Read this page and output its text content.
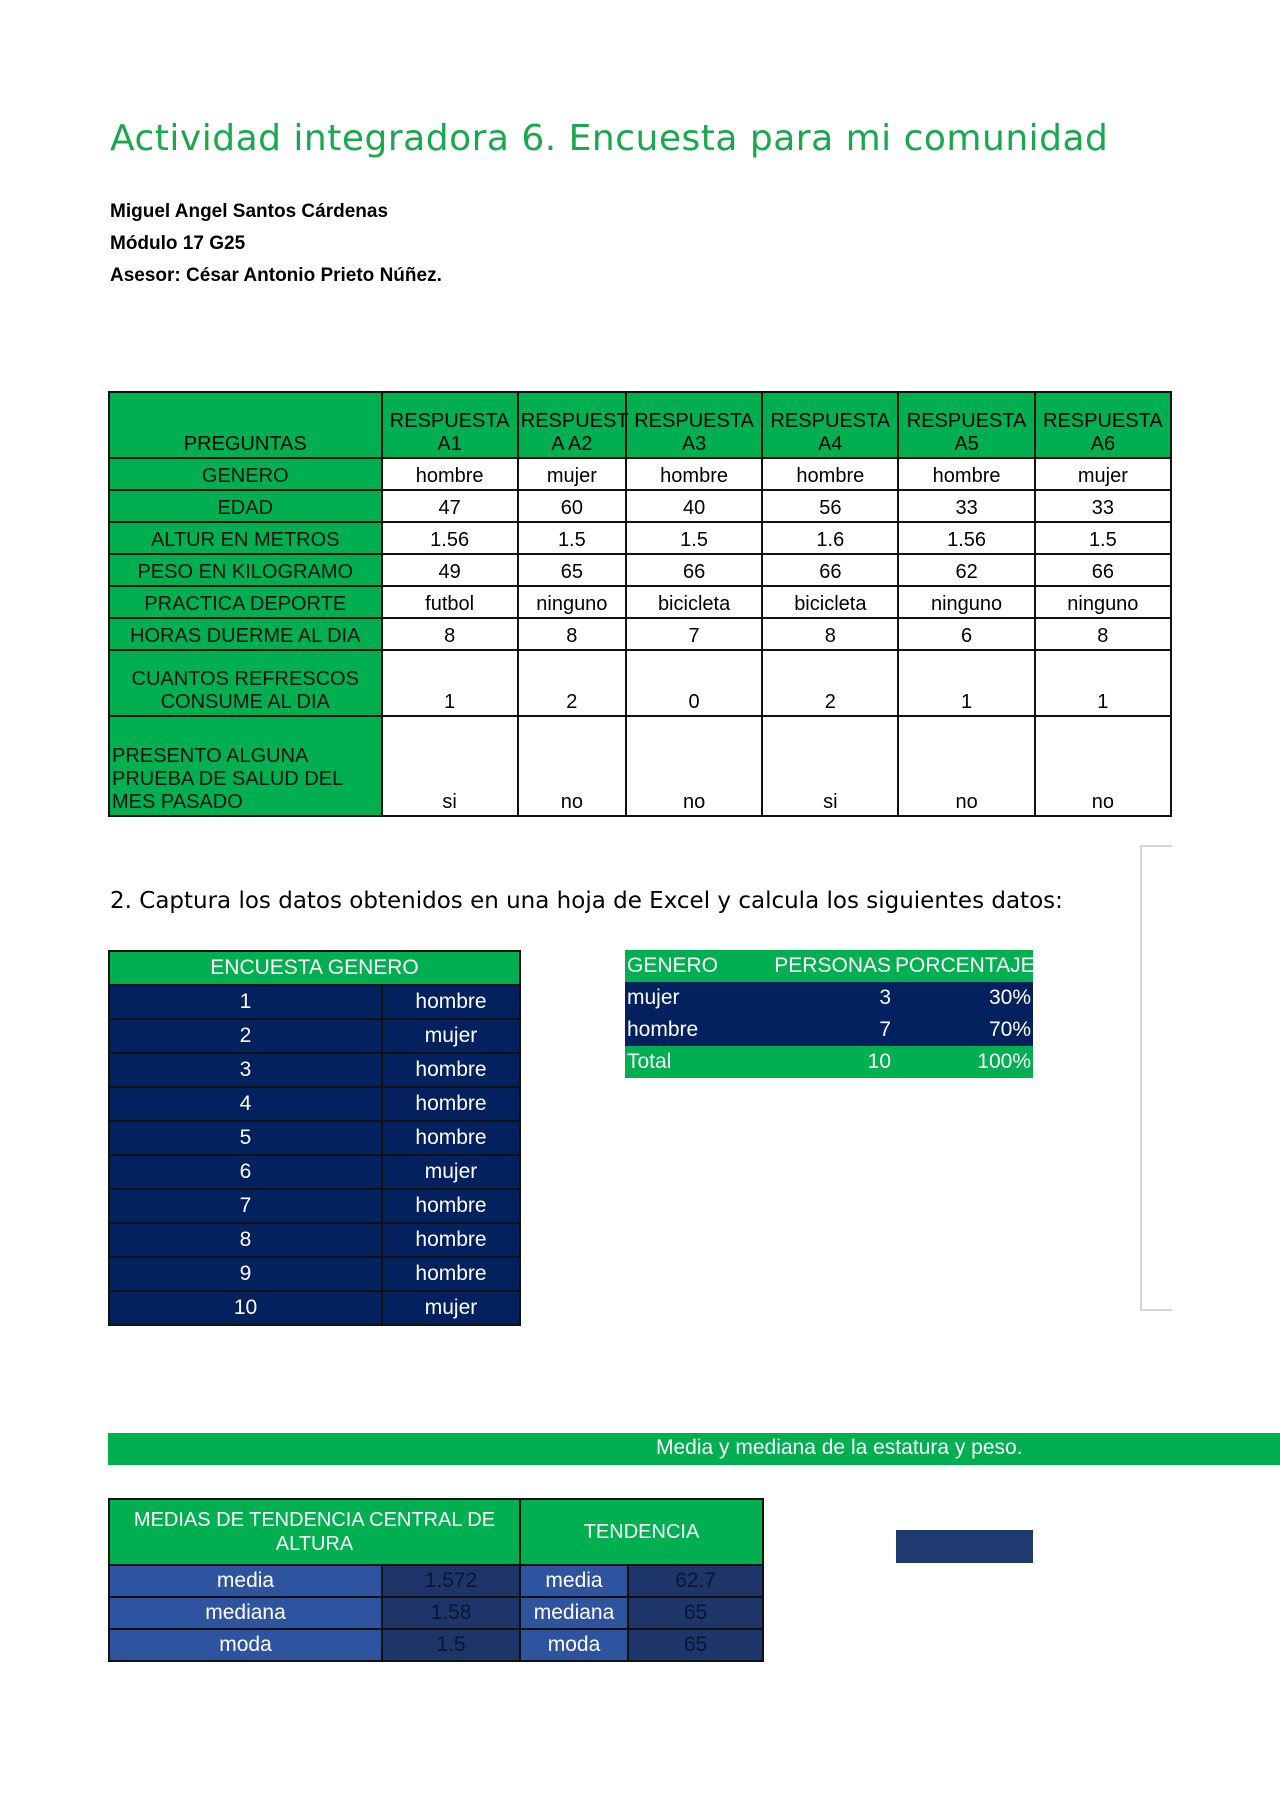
Actividad integradora 6. Encuesta para mi comunidad
Miguel Angel Santos Cárdenas
Módulo 17 G25
Asesor: César Antonio Prieto Núñez.
PREGUNTAS	RESPUESTA A1	RESPUEST A A2	RESPUESTA A3	RESPUESTA A4	RESPUESTA A5	RESPUESTA A6
GENERO	hombre	mujer	hombre	hombre	hombre	mujer
EDAD	47	60	40	56	33	33
ALTUR EN METROS	1.56	1.5	1.5	1.6	1.56	1.5
PESO EN KILOGRAMO	49	65	66	66	62	66
PRACTICA DEPORTE	futbol	ninguno	bicicleta	bicicleta	ninguno	ninguno
HORAS DUERME AL DIA	8	8	7	8	6	8
CUANTOS REFRESCOS CONSUME AL DIA	1	2	0	2	1	1
PRESENTO ALGUNA PRUEBA DE SALUD DEL MES PASADO	si	no	no	si	no	no
2. Captura los datos obtenidos en una hoja de Excel y calcula los siguientes datos:
ENCUESTA GENERO	
1	hombre
2	mujer
3	hombre
4	hombre
5	hombre
6	mujer
7	hombre
8	hombre
9	hombre
10	mujer
GENERO	PERSONAS	PORCENTAJE
mujer	3	30%
hombre	7	70%
Total	10	100%
Media y mediana de la estatura y peso.
MEDIAS DE TENDENCIA CENTRAL DE ALTURA		TENDENCIA	
media	1.572	media	62.7
mediana	1.58	mediana	65
moda	1.5	moda	65
